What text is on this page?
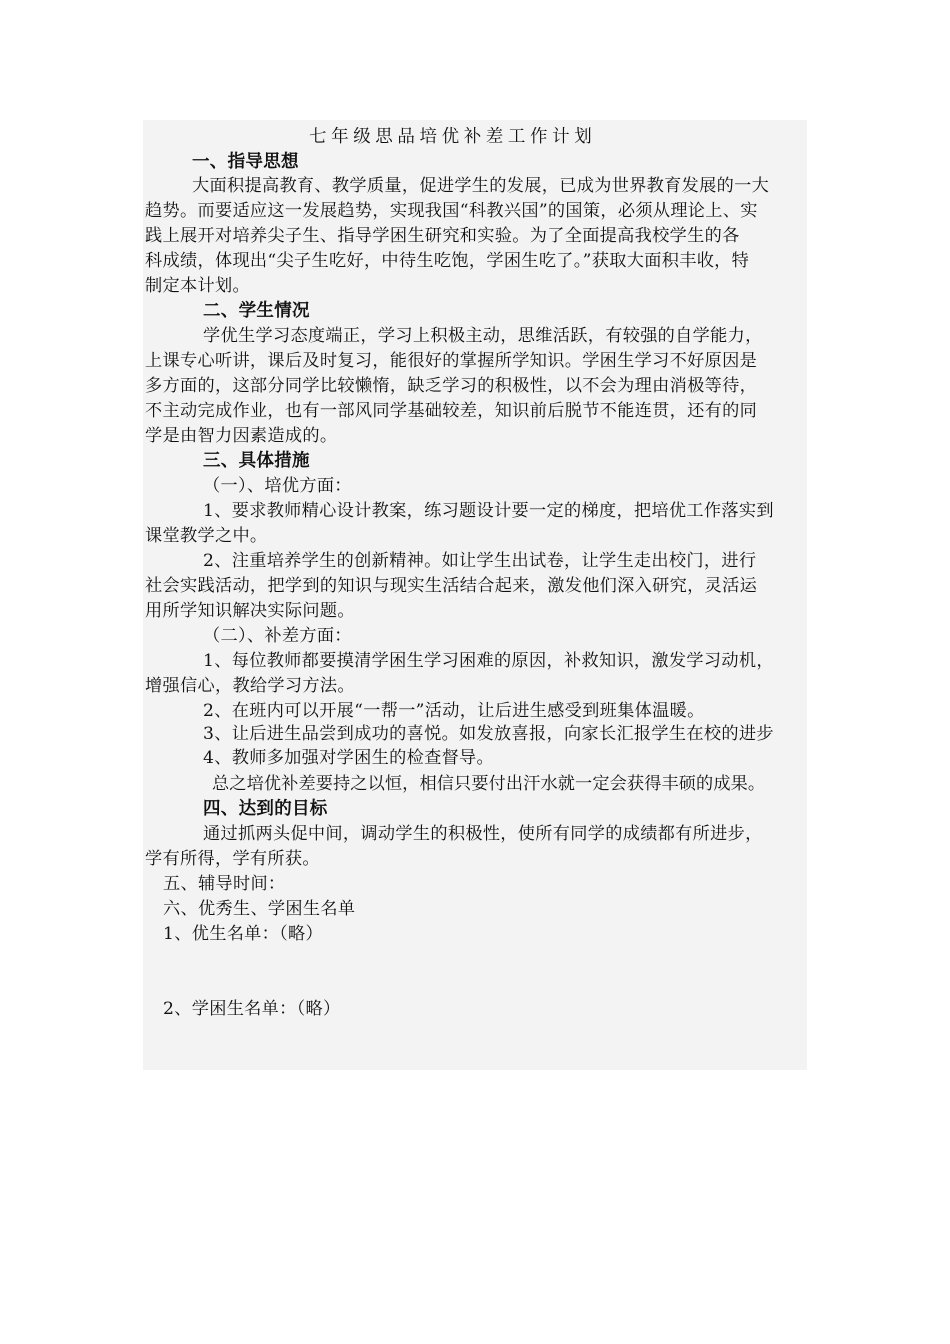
七年级思品培优补差工作计划
一、指导思想
大面积提高教育、教学质量，促进学生的发展，已成为世界教育发展的一大
趋势。而要适应这一发展趋势，实现我国“科教兴国”的国策，必须从理论上、实
践上展开对培养尖子生、指导学困生研究和实验。为了全面提高我校学生的各
科成绩，体现出“尖子生吃好，中待生吃饱，学困生吃了。”获取大面积丰收，特
制定本计划。
二、学生情况
学优生学习态度端正，学习上积极主动，思维活跃，有较强的自学能力，
上课专心听讲，课后及时复习，能很好的掌握所学知识。学困生学习不好原因是
多方面的，这部分同学比较懒惰，缺乏学习的积极性，以不会为理由消极等待，
不主动完成作业，也有一部风同学基础较差，知识前后脱节不能连贯，还有的同
学是由智力因素造成的。
三、具体措施
（一）、培优方面：
1、要求教师精心设计教案，练习题设计要一定的梯度，把培优工作落实到
课堂教学之中。
2、注重培养学生的创新精神。如让学生出试卷，让学生走出校门，进行
社会实践活动，把学到的知识与现实生活结合起来，激发他们深入研究，灵活运
用所学知识解决实际问题。
（二）、补差方面：
1、每位教师都要摸清学困生学习困难的原因，补救知识，激发学习动机，
增强信心，教给学习方法。
2、在班内可以开展“一帮一”活动，让后进生感受到班集体温暖。
3、让后进生品尝到成功的喜悦。如发放喜报，向家长汇报学生在校的进步
4、教师多加强对学困生的检查督导。
总之培优补差要持之以恒，相信只要付出汗水就一定会获得丰硕的成果。
四、达到的目标
通过抓两头促中间，调动学生的积极性，使所有同学的成绩都有所进步，
学有所得，学有所获。
五、辅导时间：
六、优秀生、学困生名单
1、优生名单：（略）
2、学困生名单：（略）
